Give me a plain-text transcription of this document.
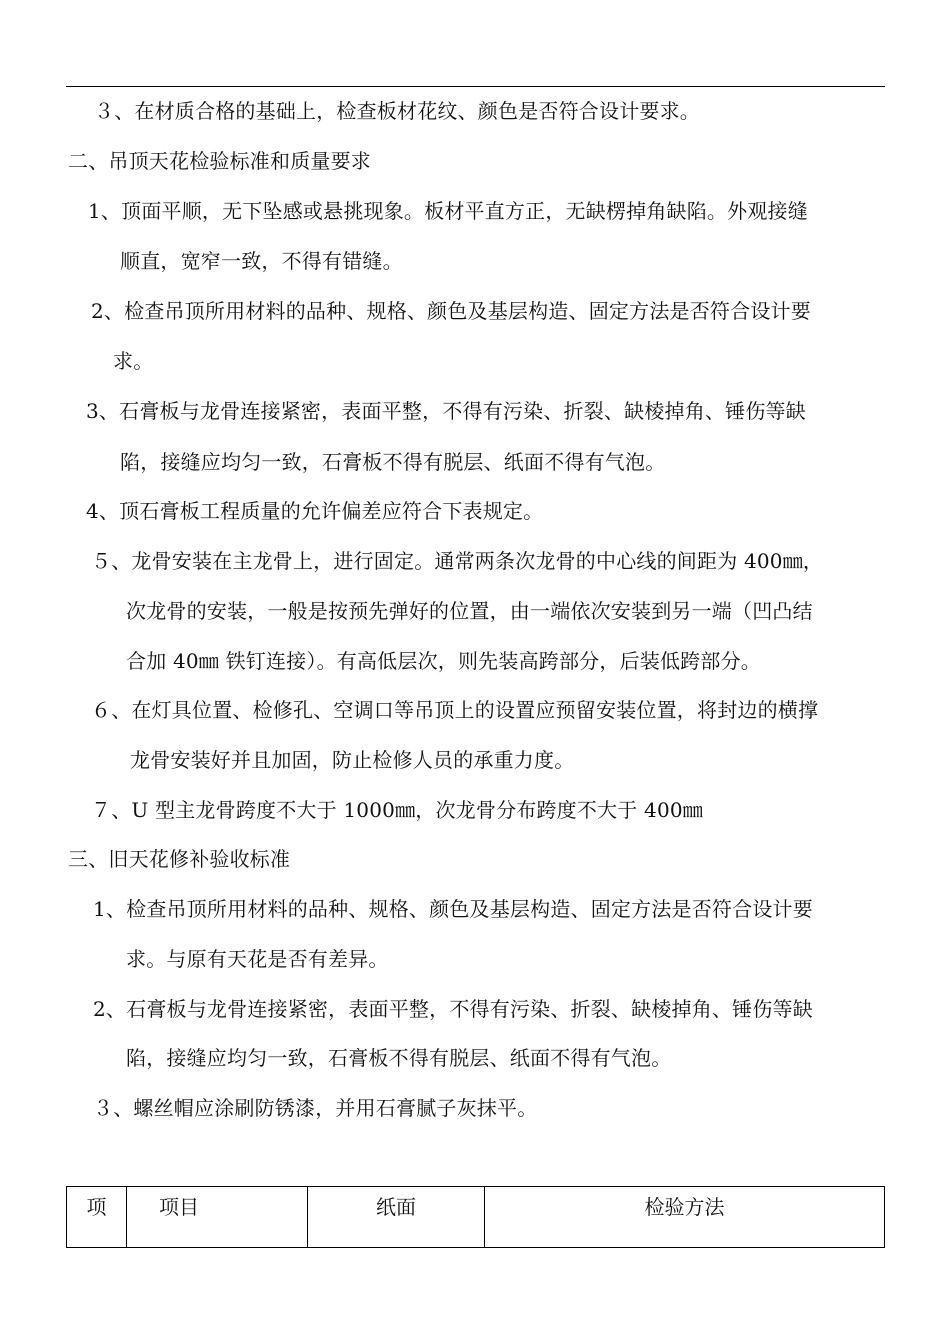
３、在材质合格的基础上，检查板材花纹、颜色是否符合设计要求。
二、吊顶天花检验标准和质量要求
1、顶面平顺，无下坠感或悬挑现象。板材平直方正，无缺楞掉角缺陷。外观接缝
顺直，宽窄一致，不得有错缝。
2、检查吊顶所用材料的品种、规格、颜色及基层构造、固定方法是否符合设计要
求。
3、石膏板与龙骨连接紧密，表面平整，不得有污染、折裂、缺棱掉角、锤伤等缺
陷，接缝应均匀一致，石膏板不得有脱层、纸面不得有气泡。
4、顶石膏板工程质量的允许偏差应符合下表规定。
５、龙骨安装在主龙骨上，进行固定。通常两条次龙骨的中心线的间距为 400㎜，
次龙骨的安装，一般是按预先弹好的位置，由一端依次安装到另一端（凹凸结
合加 40㎜ 铁钉连接）。有高低层次，则先装高跨部分，后装低跨部分。
６、在灯具位置、检修孔、空调口等吊顶上的设置应预留安装位置，将封边的横撑
龙骨安装好并且加固，防止检修人员的承重力度。
７、U 型主龙骨跨度不大于 1000㎜，次龙骨分布跨度不大于 400㎜
三、旧天花修补验收标准
1、检查吊顶所用材料的品种、规格、颜色及基层构造、固定方法是否符合设计要
求。与原有天花是否有差异。
2、石膏板与龙骨连接紧密，表面平整，不得有污染、折裂、缺棱掉角、锤伤等缺
陷，接缝应均匀一致，石膏板不得有脱层、纸面不得有气泡。
３、螺丝帽应涂刷防锈漆，并用石膏腻子灰抹平。
项	项目	纸面	检验方法
